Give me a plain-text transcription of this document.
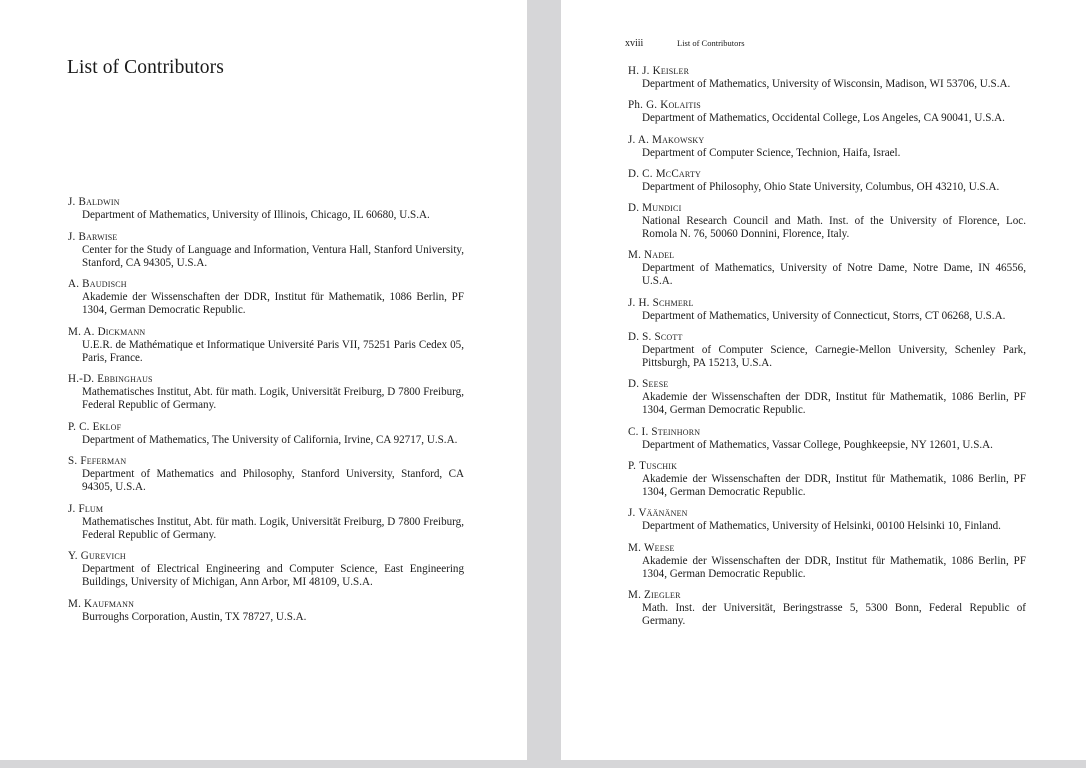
List of Contributors
J. Baldwin
Department of Mathematics, University of Illinois, Chicago, IL 60680, U.S.A.
J. Barwise
Center for the Study of Language and Information, Ventura Hall, Stanford University, Stanford, CA 94305, U.S.A.
A. Baudisch
Akademie der Wissenschaften der DDR, Institut für Mathematik, 1086 Berlin, PF 1304, German Democratic Republic.
M. A. Dickmann
U.E.R. de Mathématique et Informatique Université Paris VII, 75251 Paris Cedex 05, Paris, France.
H.-D. Ebbinghaus
Mathematisches Institut, Abt. für math. Logik, Universität Freiburg, D 7800 Freiburg, Federal Republic of Germany.
P. C. Eklof
Department of Mathematics, The University of California, Irvine, CA 92717, U.S.A.
S. Feferman
Department of Mathematics and Philosophy, Stanford University, Stanford, CA 94305, U.S.A.
J. Flum
Mathematisches Institut, Abt. für math. Logik, Universität Freiburg, D 7800 Freiburg, Federal Republic of Germany.
Y. Gurevich
Department of Electrical Engineering and Computer Science, East Engineering Buildings, University of Michigan, Ann Arbor, MI 48109, U.S.A.
M. Kaufmann
Burroughs Corporation, Austin, TX 78727, U.S.A.
xviii	List of Contributors
H. J. Keisler
Department of Mathematics, University of Wisconsin, Madison, WI 53706, U.S.A.
Ph. G. Kolaitis
Department of Mathematics, Occidental College, Los Angeles, CA 90041, U.S.A.
J. A. Makowsky
Department of Computer Science, Technion, Haifa, Israel.
D. C. McCarty
Department of Philosophy, Ohio State University, Columbus, OH 43210, U.S.A.
D. Mundici
National Research Council and Math. Inst. of the University of Florence, Loc. Romola N. 76, 50060 Donnini, Florence, Italy.
M. Nadel
Department of Mathematics, University of Notre Dame, Notre Dame, IN 46556, U.S.A.
J. H. Schmerl
Department of Mathematics, University of Connecticut, Storrs, CT 06268, U.S.A.
D. S. Scott
Department of Computer Science, Carnegie-Mellon University, Schenley Park, Pittsburgh, PA 15213, U.S.A.
D. Seese
Akademie der Wissenschaften der DDR, Institut für Mathematik, 1086 Berlin, PF 1304, German Democratic Republic.
C. I. Steinhorn
Department of Mathematics, Vassar College, Poughkeepsie, NY 12601, U.S.A.
P. Tuschik
Akademie der Wissenschaften der DDR, Institut für Mathematik, 1086 Berlin, PF 1304, German Democratic Republic.
J. Väänänen
Department of Mathematics, University of Helsinki, 00100 Helsinki 10, Finland.
M. Weese
Akademie der Wissenschaften der DDR, Institut für Mathematik, 1086 Berlin, PF 1304, German Democratic Republic.
M. Ziegler
Math. Inst. der Universität, Beringstrasse 5, 5300 Bonn, Federal Republic of Germany.
